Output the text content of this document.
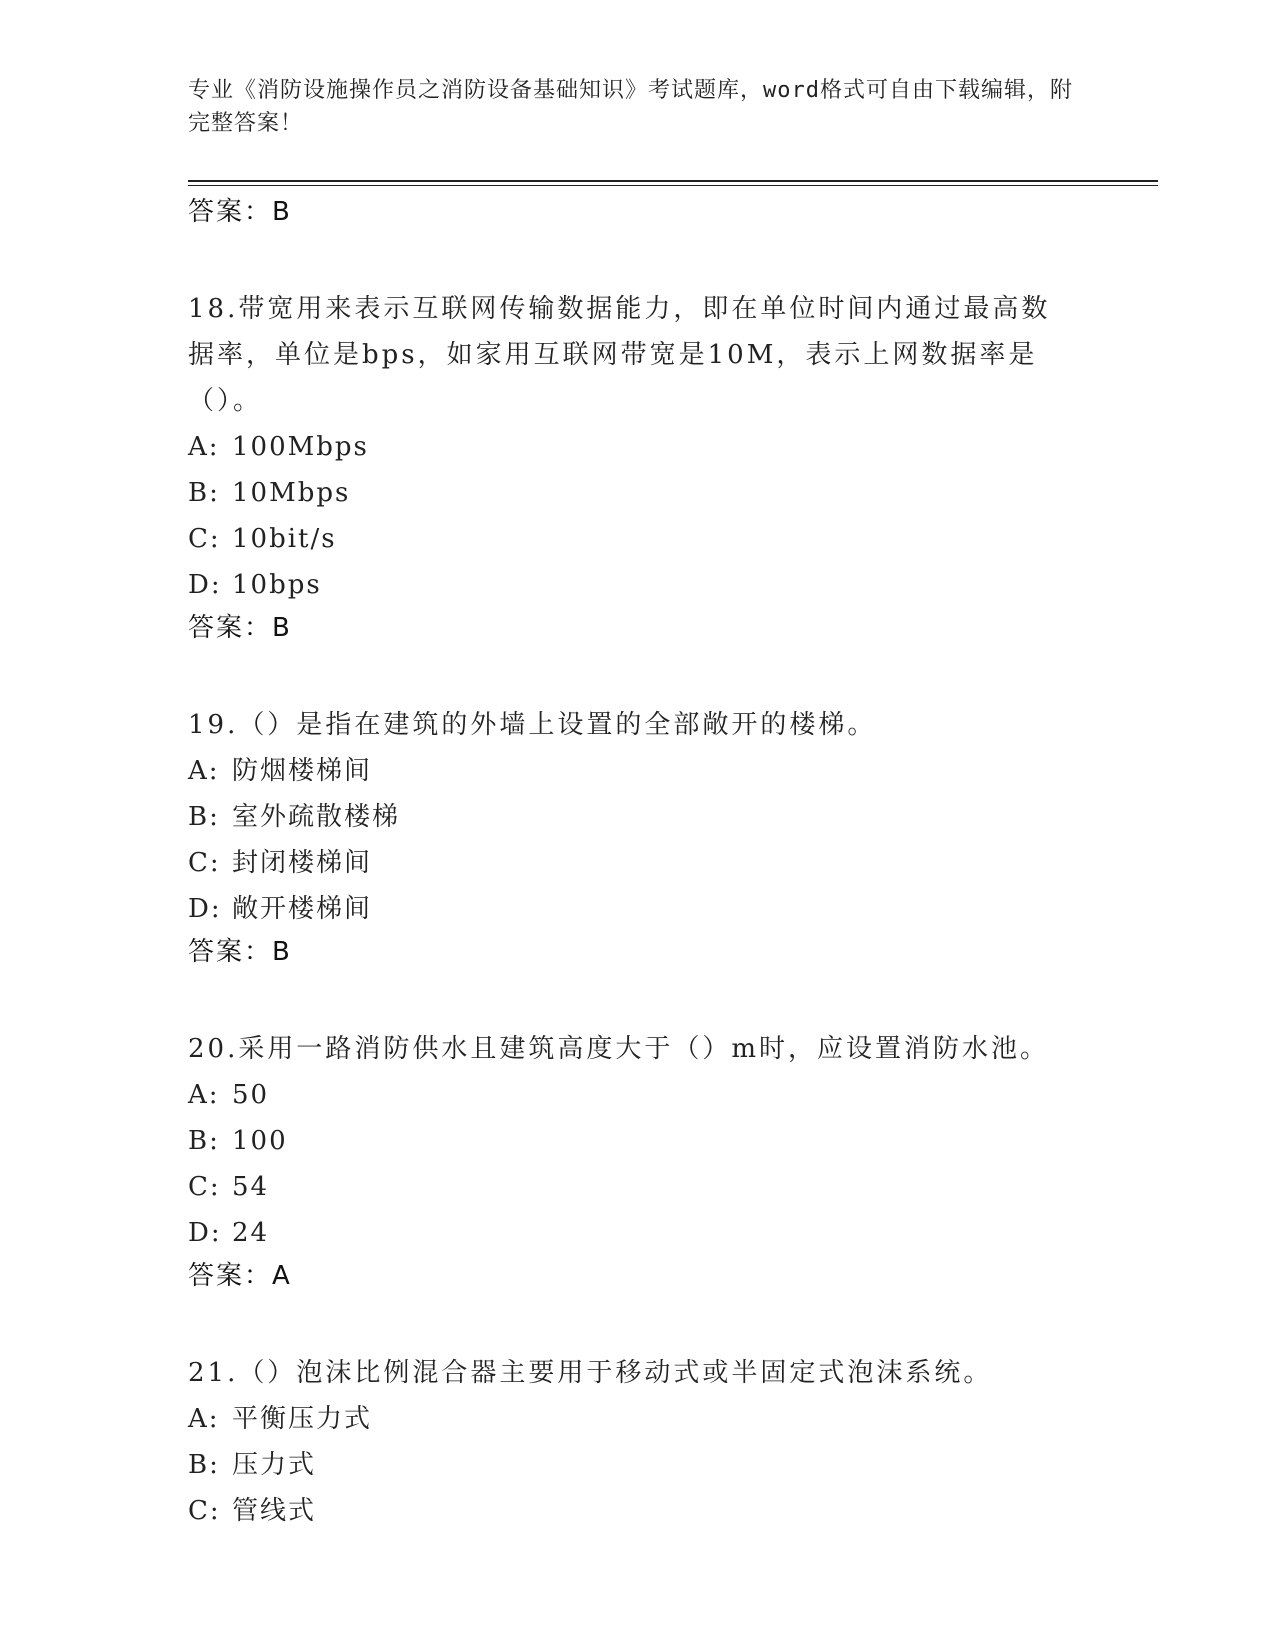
专业《消防设施操作员之消防设备基础知识》考试题库，word格式可自由下载编辑，附完整答案！
答案：B
18.带宽用来表示互联网传输数据能力，即在单位时间内通过最高数据率，单位是bps，如家用互联网带宽是10M，表示上网数据率是（）。
A: 100Mbps
B: 10Mbps
C: 10bit/s
D: 10bps
答案：B
19.（）是指在建筑的外墙上设置的全部敞开的楼梯。
A: 防烟楼梯间
B: 室外疏散楼梯
C: 封闭楼梯间
D: 敞开楼梯间
答案：B
20.采用一路消防供水且建筑高度大于（）m时，应设置消防水池。
A: 50
B: 100
C: 54
D: 24
答案：A
21.（）泡沫比例混合器主要用于移动式或半固定式泡沫系统。
A: 平衡压力式
B: 压力式
C: 管线式
